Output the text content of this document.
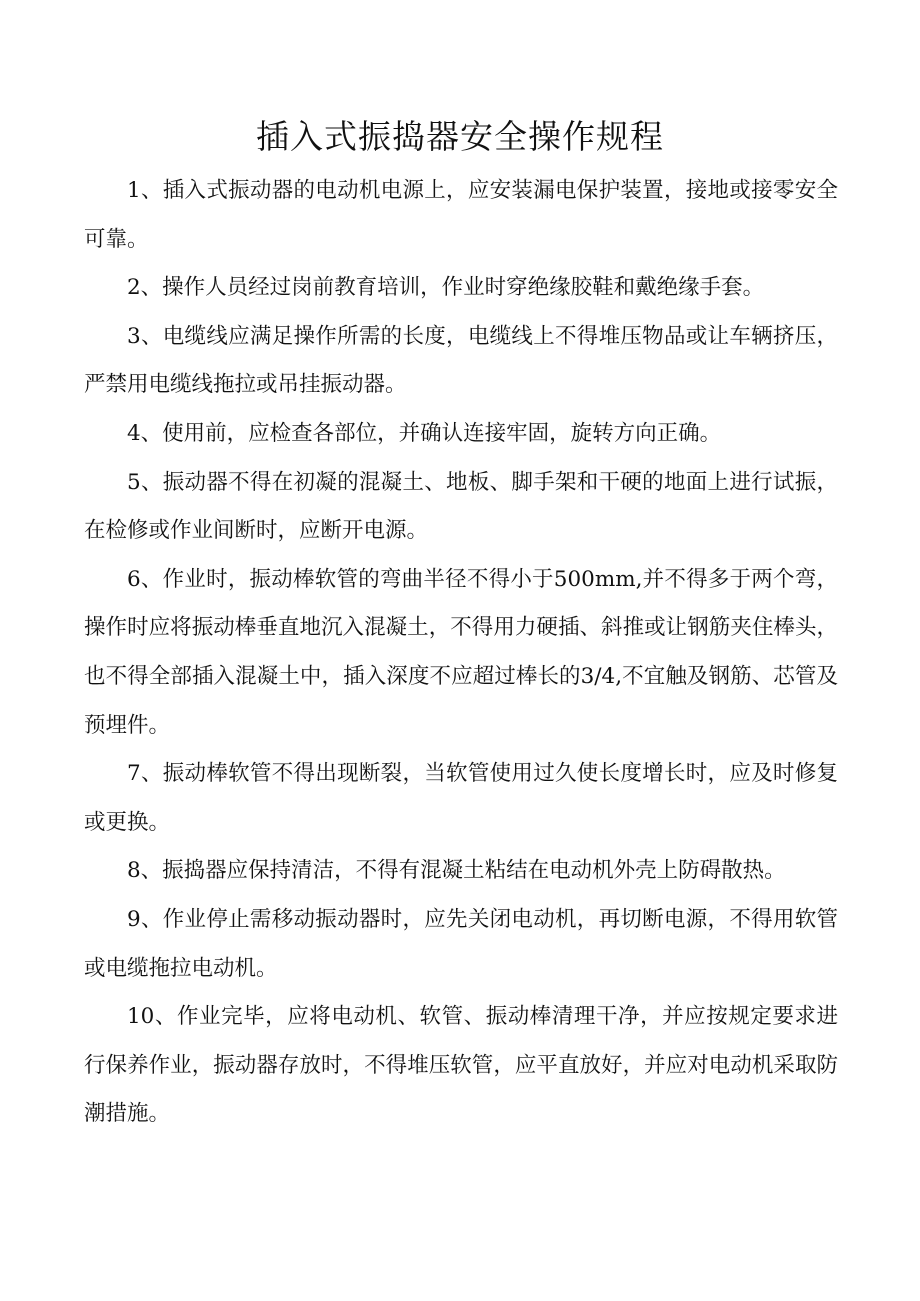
插入式振捣器安全操作规程

1、插入式振动器的电动机电源上，应安装漏电保护装置，接地或接零安全可靠。

2、操作人员经过岗前教育培训，作业时穿绝缘胶鞋和戴绝缘手套。

3、电缆线应满足操作所需的长度，电缆线上不得堆压物品或让车辆挤压，严禁用电缆线拖拉或吊挂振动器。

4、使用前，应检查各部位，并确认连接牢固，旋转方向正确。

5、振动器不得在初凝的混凝土、地板、脚手架和干硬的地面上进行试振，在检修或作业间断时，应断开电源。

6、作业时，振动棒软管的弯曲半径不得小于500mm,并不得多于两个弯，操作时应将振动棒垂直地沉入混凝土，不得用力硬插、斜推或让钢筋夹住棒头，也不得全部插入混凝土中，插入深度不应超过棒长的3/4,不宜触及钢筋、芯管及预埋件。

7、振动棒软管不得出现断裂，当软管使用过久使长度增长时，应及时修复或更换。

8、振捣器应保持清洁，不得有混凝土粘结在电动机外壳上防碍散热。

9、作业停止需移动振动器时，应先关闭电动机，再切断电源，不得用软管或电缆拖拉电动机。

10、作业完毕，应将电动机、软管、振动棒清理干净，并应按规定要求进行保养作业，振动器存放时，不得堆压软管，应平直放好，并应对电动机采取防潮措施。
